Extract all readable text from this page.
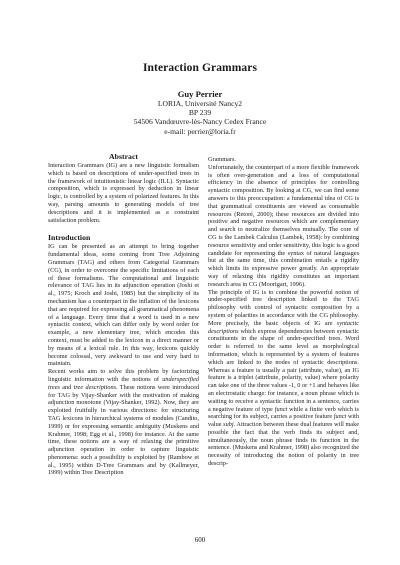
Interaction Grammars
Guy Perrier
LORIA, Université Nancy2
BP 239
54506 Vandœuvre-lès-Nancy Cedex France
e-mail: perrier@loria.fr

Abstract

Interaction Grammars (IG) are a new linguistic formalism which is based on descriptions of under-specified trees in the framework of intuitionistic linear logic (ILL). Syntactic composition, which is expressed by deduction in linear logic, is controlled by a system of polarized features. In this way, parsing amounts to generating models of tree descriptions and it is implemented as a constraint satisfaction problem.

Introduction

IG can be presented as an attempt to bring together fundamental ideas, some coming from Tree Adjoining Grammars (TAG) and others from Categorial Grammars (CG), in order to overcome the specific limitations of each of these formalisms. The computational and linguistic relevance of TAG lies in its adjunction operation (Joshi et al., 1975; Kroch and Joshi, 1985) but the simplicity of its mechanism has a counterpart in the inflation of the lexicons that are required for expressing all grammatical phenomena of a language. Every time that a word is used in a new syntactic context, which can differ only by word order for example, a new elementary tree, which encodes this context, must be added to the lexicon in a direct manner or by means of a lexical rule. In this way, lexicons quickly become colossal, very awkward to use and very hard to maintain.

Recent works aim to solve this problem by factorizing linguistic information with the notions of underspecified trees and tree descriptions. These notions were introduced for TAG by Vijay-Shanker with the motivation of making adjunction monotone (Vijay-Shanker, 1992). Now, they are exploited fruitfully in various directions: for structuring TAG lexicons in hierarchical systems of modules (Candito, 1999) or for expressing semantic ambiguity (Muskens and Krahmer, 1998; Egg et al., 1998) for instance. At the same time, these notions are a way of relaxing the primitive adjunction operation in order to capture linguistic phenomena: such a possibility is exploited by (Rambow et al., 1995) within D-Tree Grammars and by (Kallmeyer, 1999) within Tree Description

Grammars.

Unfortunately, the counterpart of a more flexible framework is often over-generation and a loss of computational efficiency in the absence of principles for controlling syntactic composition. By looking at CG, we can find some answers to this preoccupation: a fundamental idea of CG is that grammatical constituents are viewed as consumable resources (Retoré, 2000); these resources are divided into positive and negative resources which are complementary and search to neutralize themselves mutually. The core of CG is the Lambek Calculus (Lambek, 1958): by combining resource sensitivity and order sensitivity, this logic is a good candidate for representing the syntax of natural languages but at the same time, this combination entails a rigidity which limits its expressive power greatly. An appropriate way of relaxing this rigidity constitutes an important research area in CG (Moortgart, 1996).

The principle of IG is to combine the powerful notion of under-specified tree description linked to the TAG philosophy with control of syntactic composition by a system of polarities in accordance with the CG philosophy. More precisely, the basic objects of IG are syntactic descriptions which express dependencies between syntactic constituents in the shape of under-specified trees. Word order is referred to the same level as morphological information, which is represented by a system of features which are linked to the nodes of syntactic descriptions. Whereas a feature is usually a pair (attribute, value), an IG feature is a triplet (attribute, polarity, value) where polarity can take one of the three values -1, 0 or +1 and behaves like an electrostatic charge: for instance, a noun phrase which is waiting to receive a syntactic function in a sentence, carries a negative feature of type funct while a finite verb which is searching for its subject, carries a positive feature funct with value subj. Attraction between these dual features will make possible the fact that the verb finds its subject and, simultaneously, the noun phrase finds its function in the sentence. (Muskens and Krahmer, 1998) also recognized the necessity of introducing the notion of polarity in tree descrip-

600
